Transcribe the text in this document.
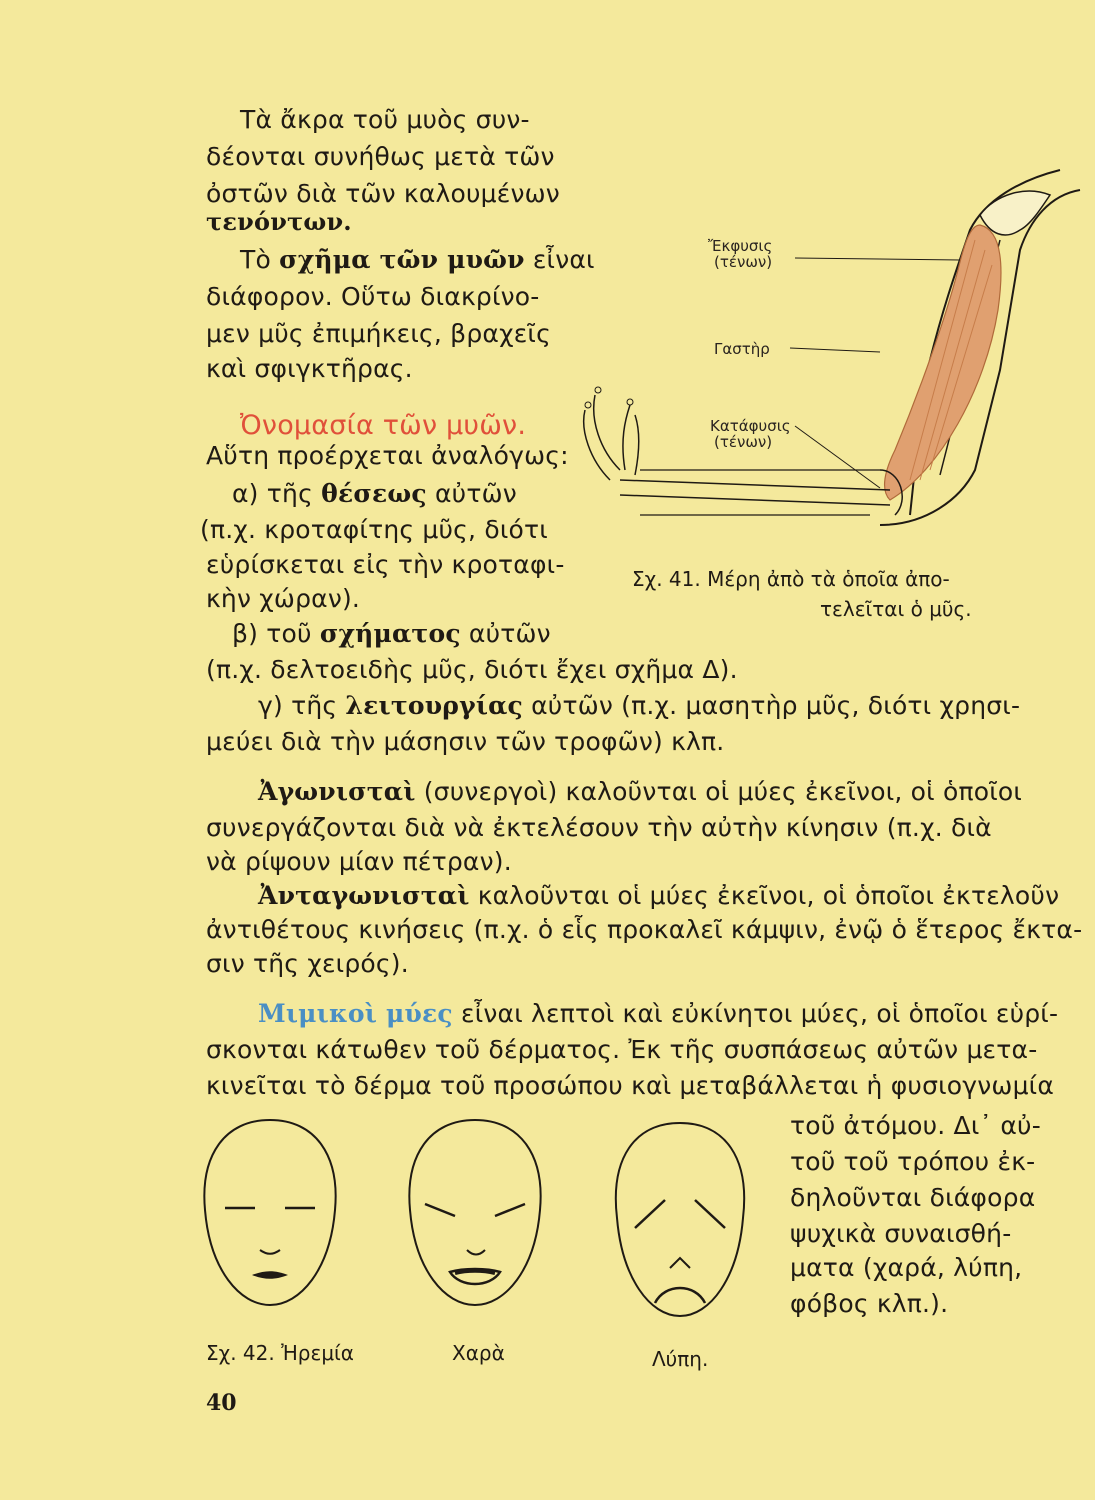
Τὰ ἄκρα τοῦ μυὸς συν-
δέονται συνήθως μετὰ τῶν
ὀστῶν διὰ τῶν καλουμένων
τενόντων.
Τὸ σχῆμα τῶν μυῶν εἶναι
διάφορον. Οὕτω διακρίνο-
μεν μῦς ἐπιμήκεις, βραχεῖς
καὶ σφιγκτῆρας.
Ὀνομασία τῶν μυῶν.
Αὕτη προέρχεται ἀναλόγως:
α) τῆς θέσεως αὐτῶν
(π.χ. κροταφίτης μῦς, διότι
εὑρίσκεται εἰς τὴν κροταφι-
κὴν χώραν).
β) τοῦ σχήματος αὐτῶν
(π.χ. δελτοειδὴς μῦς, διότι ἔχει σχῆμα Δ).
γ) τῆς λειτουργίας αὐτῶν (π.χ. μασητὴρ μῦς, διότι χρησι-
μεύει διὰ τὴν μάσησιν τῶν τροφῶν) κλπ.
Ἀγωνισταὶ (συνεργοὶ) καλοῦνται οἱ μύες ἐκεῖνοι, οἱ ὁποῖοι
συνεργάζονται διὰ νὰ ἐκτελέσουν τὴν αὐτὴν κίνησιν (π.χ. διὰ
νὰ ρίψουν μίαν πέτραν).
Ἀνταγωνισταὶ καλοῦνται οἱ μύες ἐκεῖνοι, οἱ ὁποῖοι ἐκτελοῦν
ἀντιθέτους κινήσεις (π.χ. ὁ εἷς προκαλεῖ κάμψιν, ἐνῷ ὁ ἕτερος ἔκτα-
σιν τῆς χειρός).
Μιμικοὶ μύες εἶναι λεπτοὶ καὶ εὐκίνητοι μύες, οἱ ὁποῖοι εὑρί-
σκονται κάτωθεν τοῦ δέρματος. Ἐκ τῆς συσπάσεως αὐτῶν μετα-
κινεῖται τὸ δέρμα τοῦ προσώπου καὶ μεταβάλλεται ἡ φυσιογνωμία
τοῦ ἀτόμου. Δι᾽ αὐ-
τοῦ τοῦ τρόπου ἐκ-
δηλοῦνται διάφορα
ψυχικὰ συναισθή-
ματα (χαρά, λύπη,
φόβος κλπ.).
Ἔκφυσις
(τένων)
Γαστὴρ
Κατάφυσις
(τένων)
Σχ. 41. Μέρη ἀπὸ τὰ ὁποῖα ἀπο-
τελεῖται ὁ μῦς.
Σχ. 42. Ἠρεμία	Χαρὰ	Λύπη.
40
